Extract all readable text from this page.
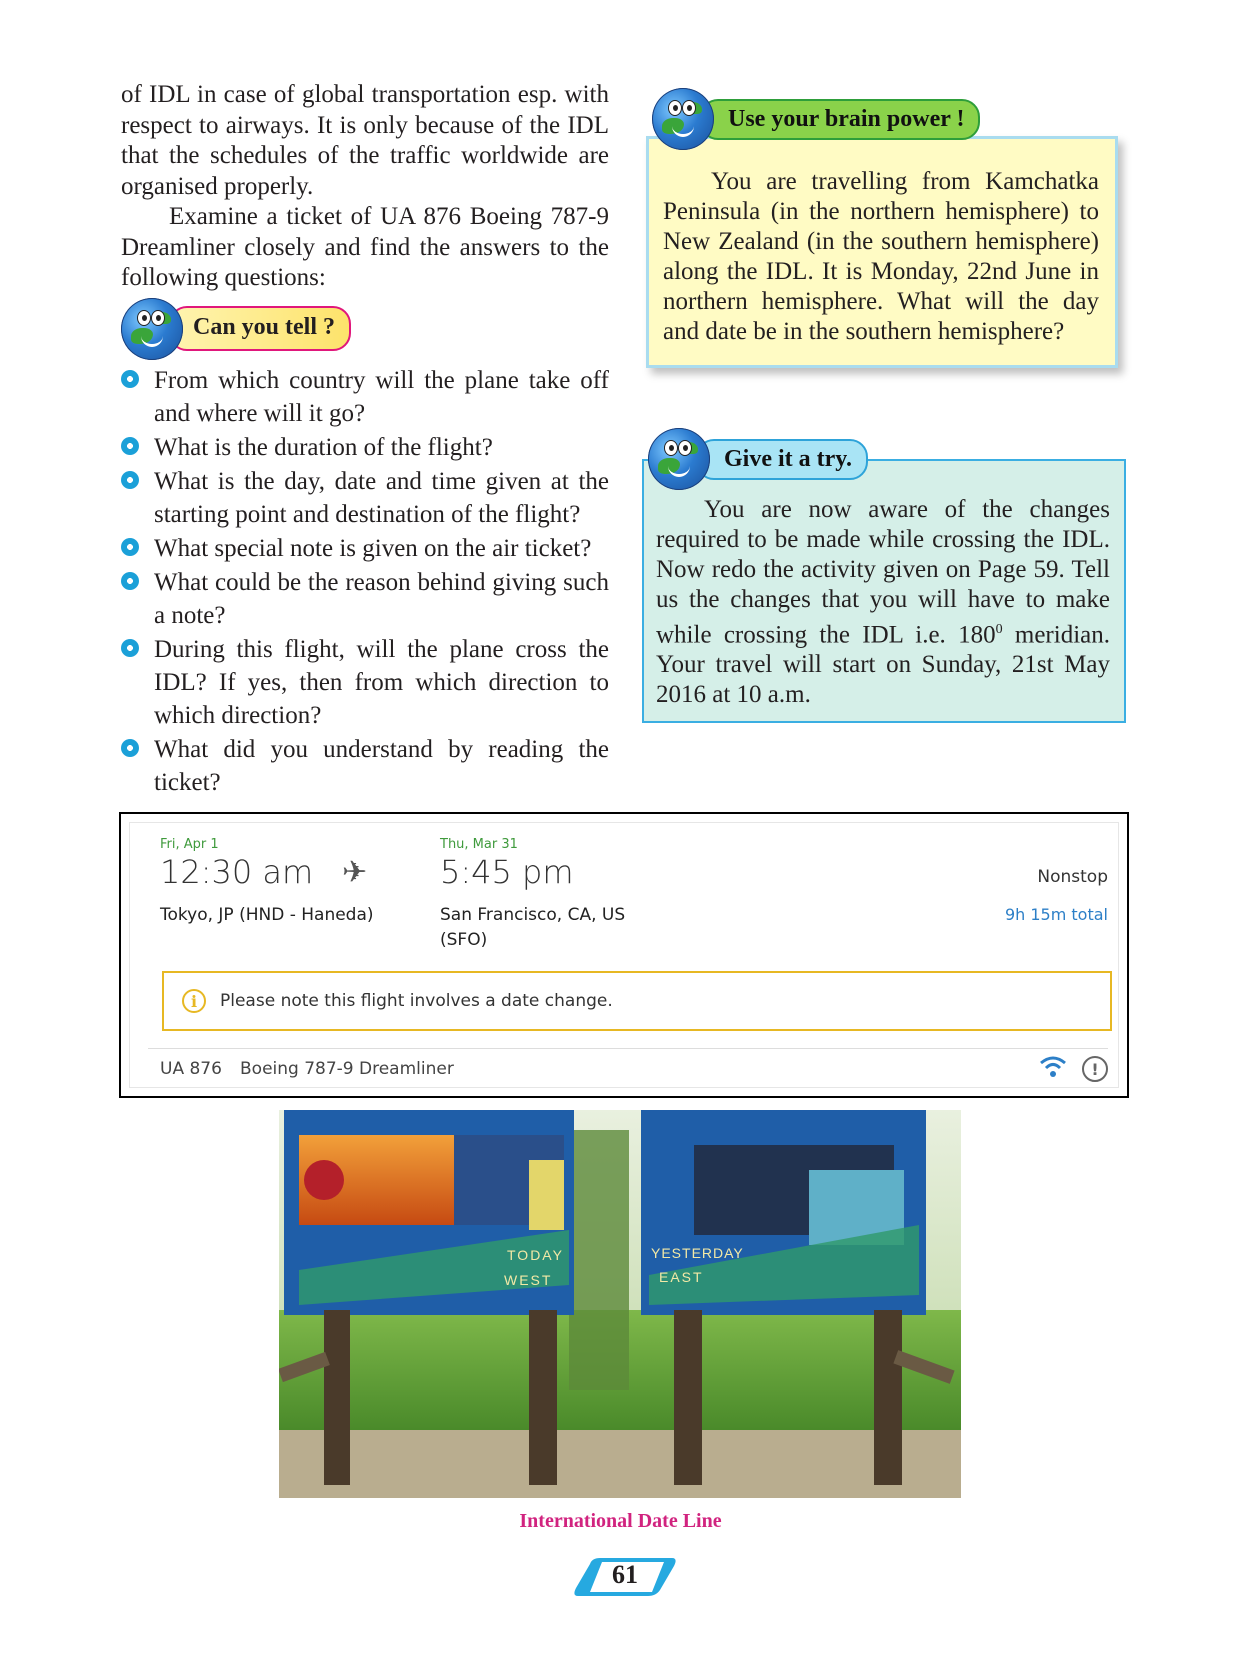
of IDL in case of global transportation esp. with respect to airways. It is only because of the IDL that the schedules of the traffic worldwide are organised properly.

Examine a ticket of UA 876 Boeing 787-9 Dreamliner closely and find the answers to the following questions:

Can you tell ?
From which country will the plane take off and where will it go?
What is the duration of the flight?
What is the day, date and time given at the starting point and destination of the flight?
What special note is given on the air ticket?
What could be the reason behind giving such a note?
During this flight, will the plane cross the IDL? If yes, then from which direction to which direction?
What did you understand by reading the ticket?

You are travelling from Kamchatka Peninsula (in the northern hemisphere) to New Zealand (in the southern hemisphere) along the IDL. It is Monday, 22nd June in northern hemisphere. What will the day and date be in the southern hemisphere?

Use your brain power !

You are now aware of the changes required to be made while crossing the IDL. Now redo the activity given on Page 59. Tell us the changes that you will have to make while crossing the IDL i.e. $180^0$ meridian. Your travel will start on Sunday, 21st May 2016 at 10 a.m.

Give it a try.
Fri, Apr 1
12:30 am ✈
Tokyo, JP (HND - Haneda)
Thu, Mar 31
5:45 pm
San Francisco, CA, US
(SFO)
Nonstop
9h 15m total
i	Please note this flight involves a date change.
UA 876 Boeing 787-9 Dreamliner	!
TODAY
WEST
YESTERDAY
EAST
International Date Line
61
